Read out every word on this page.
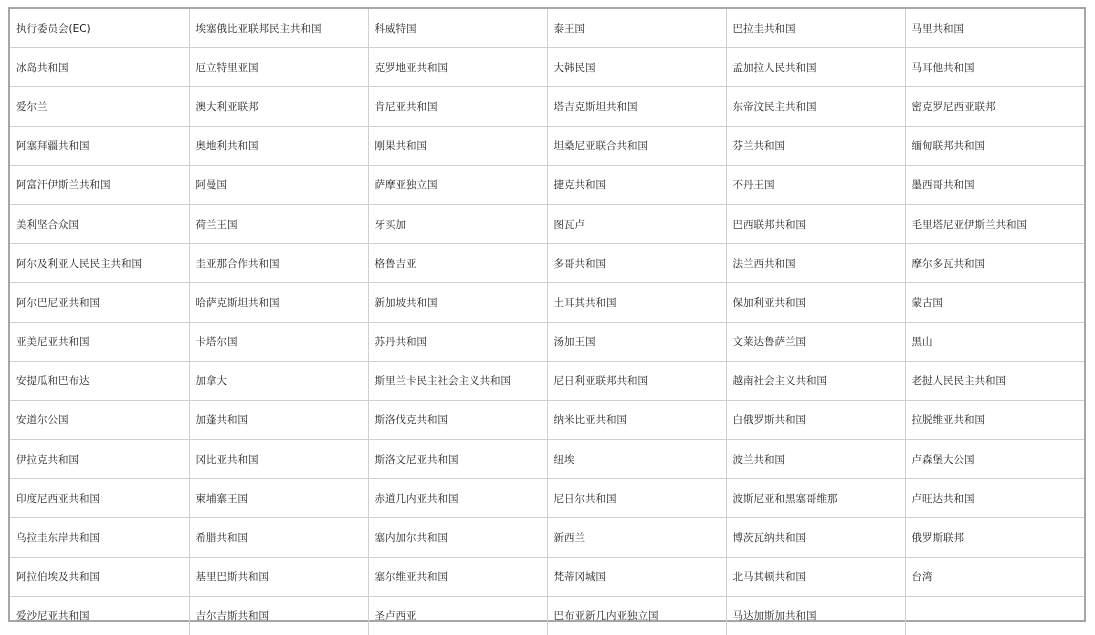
执行委员会(EC)	埃塞俄比亚联邦民主共和国	科威特国	泰王国	巴拉圭共和国	马里共和国
冰岛共和国	厄立特里亚国	克罗地亚共和国	大韩民国	孟加拉人民共和国	马耳他共和国
爱尔兰	澳大利亚联邦	肯尼亚共和国	塔吉克斯坦共和国	东帝汶民主共和国	密克罗尼西亚联邦
阿塞拜疆共和国	奥地利共和国	刚果共和国	坦桑尼亚联合共和国	芬兰共和国	缅甸联邦共和国
阿富汗伊斯兰共和国	阿曼国	萨摩亚独立国	捷克共和国	不丹王国	墨西哥共和国
美利坚合众国	荷兰王国	牙买加	图瓦卢	巴西联邦共和国	毛里塔尼亚伊斯兰共和国
阿尔及利亚人民民主共和国	圭亚那合作共和国	格鲁吉亚	多哥共和国	法兰西共和国	摩尔多瓦共和国
阿尔巴尼亚共和国	哈萨克斯坦共和国	新加坡共和国	土耳其共和国	保加利亚共和国	蒙古国
亚美尼亚共和国	卡塔尔国	苏丹共和国	汤加王国	文莱达鲁萨兰国	黑山
安提瓜和巴布达	加拿大	斯里兰卡民主社会主义共和国	尼日利亚联邦共和国	越南社会主义共和国	老挝人民民主共和国
安道尔公国	加蓬共和国	斯洛伐克共和国	纳米比亚共和国	白俄罗斯共和国	拉脱维亚共和国
伊拉克共和国	冈比亚共和国	斯洛文尼亚共和国	纽埃	波兰共和国	卢森堡大公国
印度尼西亚共和国	柬埔寨王国	赤道几内亚共和国	尼日尔共和国	波斯尼亚和黑塞哥维那	卢旺达共和国
乌拉圭东岸共和国	希腊共和国	塞内加尔共和国	新西兰	博茨瓦纳共和国	俄罗斯联邦
阿拉伯埃及共和国	基里巴斯共和国	塞尔维亚共和国	梵蒂冈城国	北马其顿共和国	台湾
爱沙尼亚共和国	吉尔吉斯共和国	圣卢西亚	巴布亚新几内亚独立国	马达加斯加共和国	
